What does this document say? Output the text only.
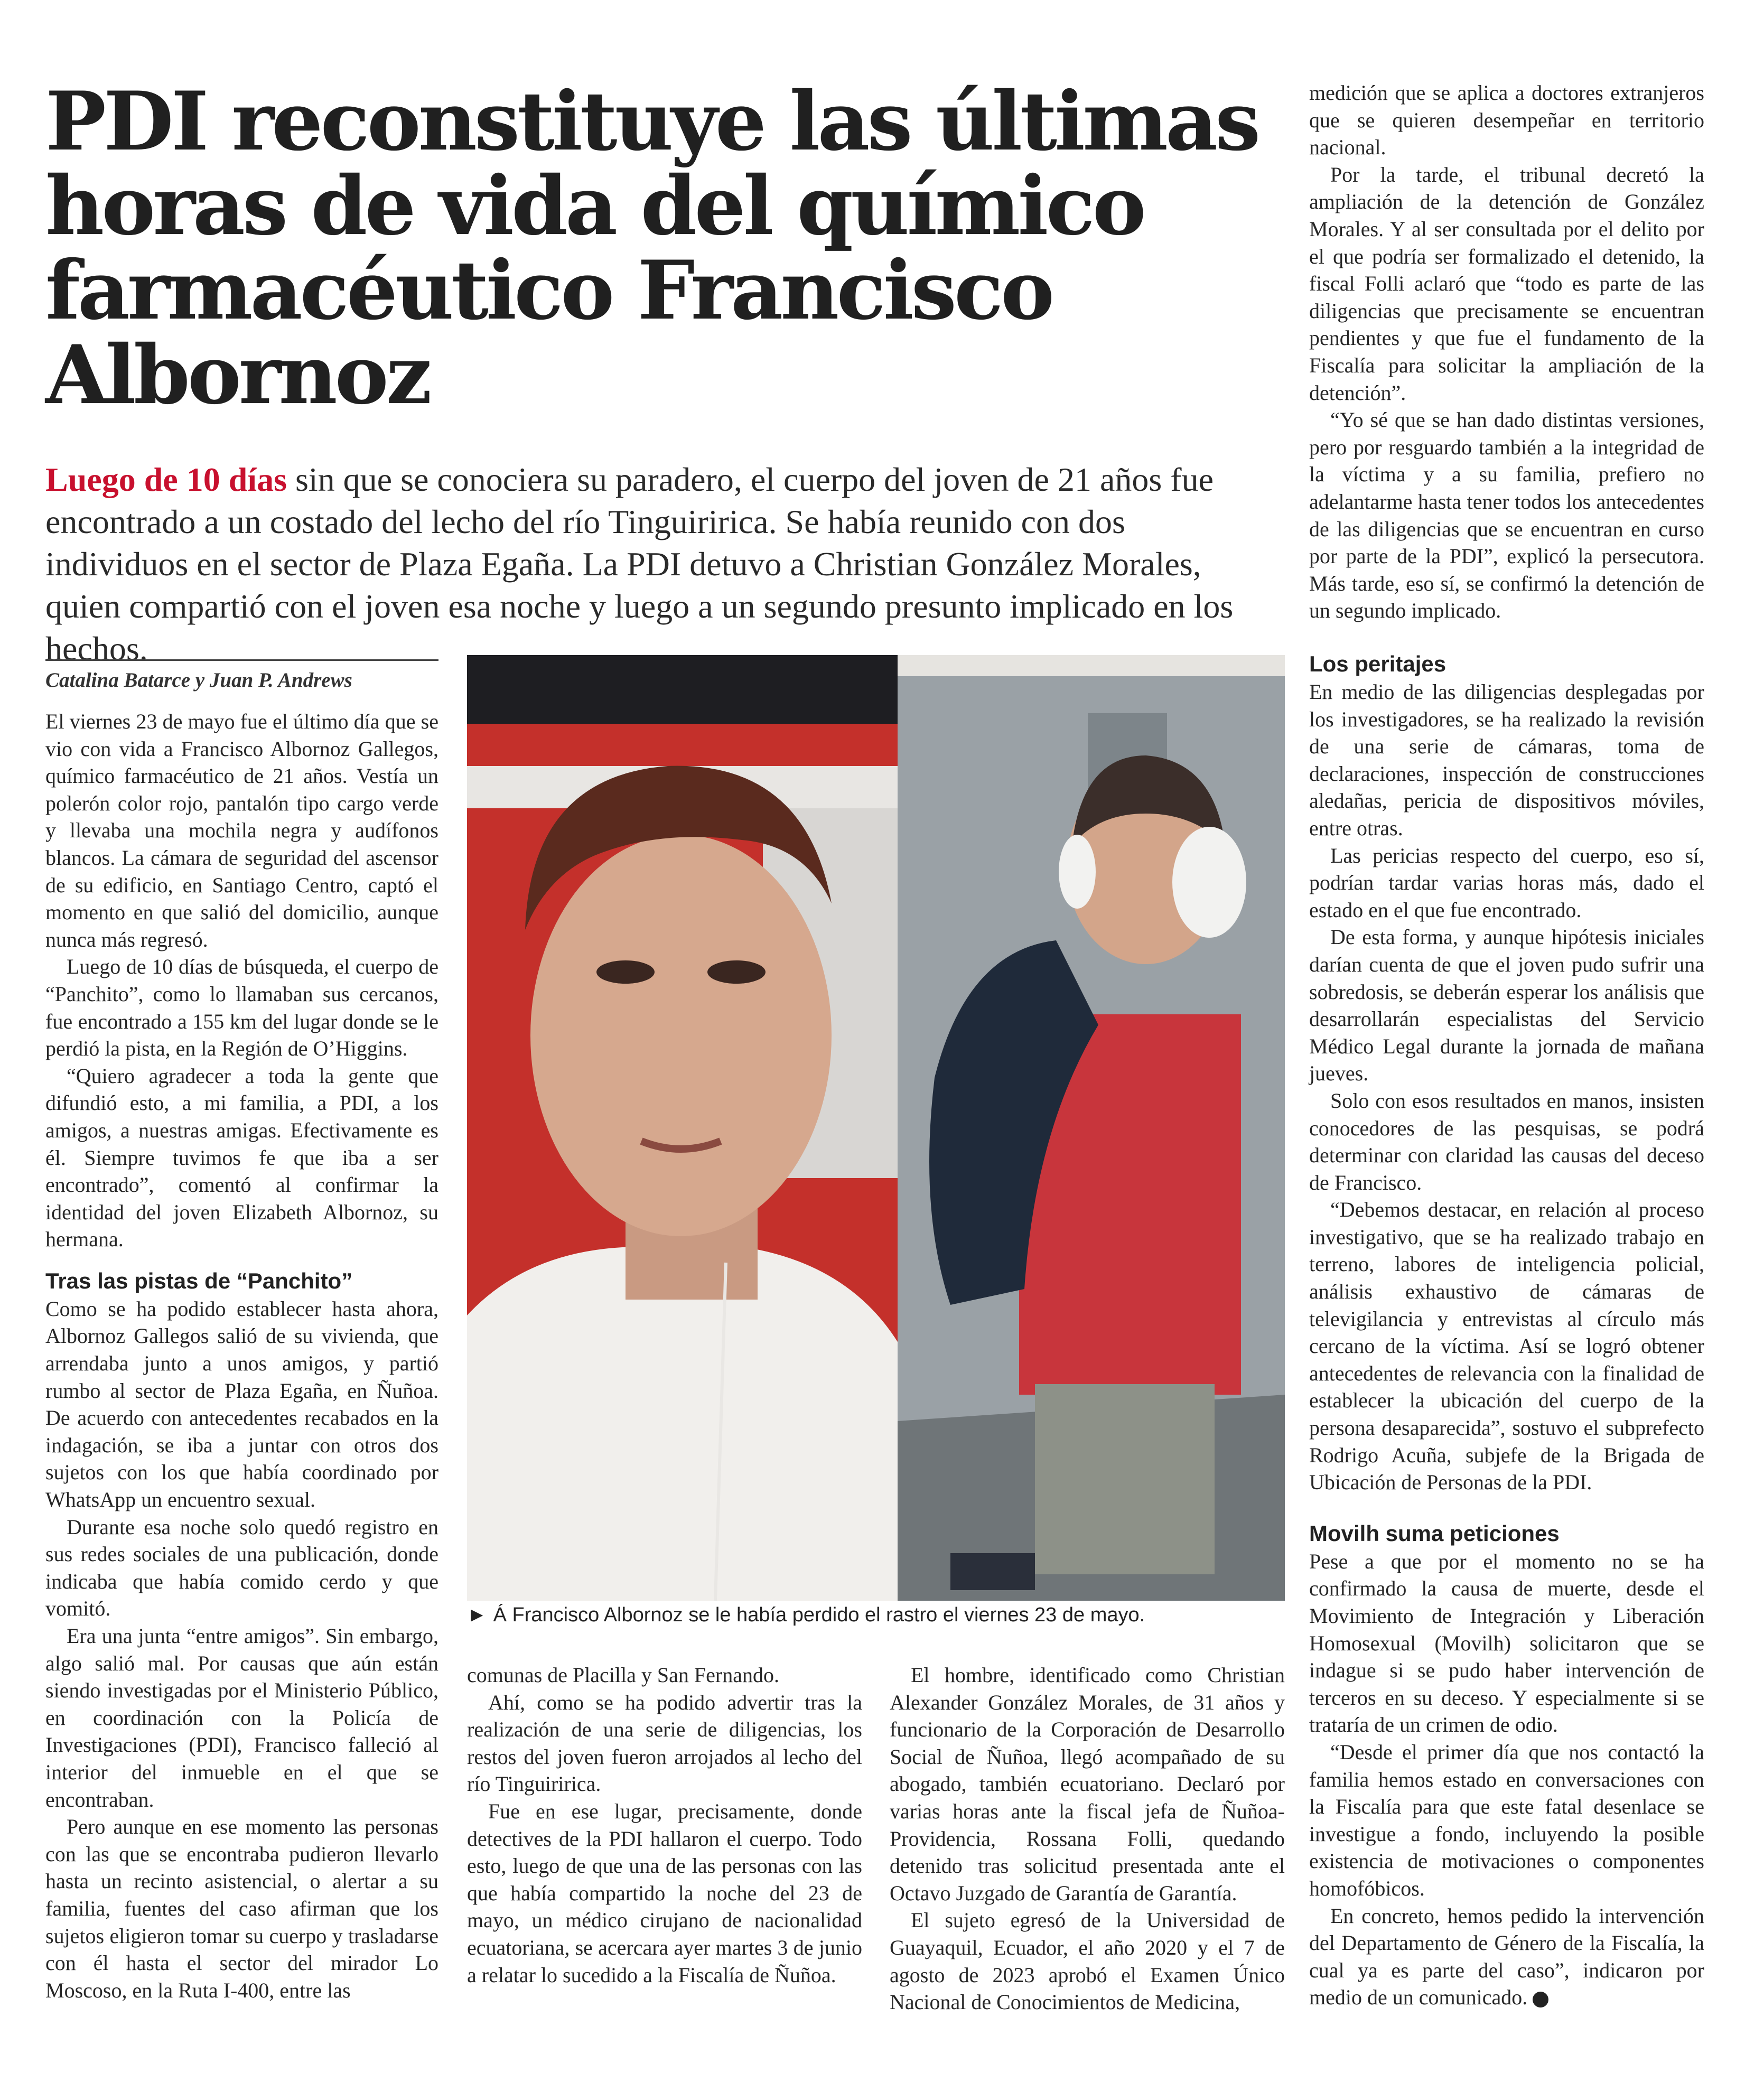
PDI reconstituye las últimas horas de vida del químico farmacéutico Francisco Albornoz

Luego de 10 días sin que se conociera su paradero, el cuerpo del joven de 21 años fue encontrado a un costado del lecho del río Tinguiririca. Se había reunido con dos individuos en el sector de Plaza Egaña. La PDI detuvo a Christian González Morales, quien compartió con el joven esa noche y luego a un segundo presunto implicado en los hechos.

Catalina Batarce y Juan P. Andrews

El viernes 23 de mayo fue el último día que se vio con vida a Francisco Albornoz Gallegos, químico farmacéutico de 21 años. Vestía un polerón color rojo, pantalón tipo cargo verde y llevaba una mochila negra y audífonos blancos. La cámara de seguridad del ascensor de su edificio, en Santiago Centro, captó el momento en que salió del domicilio, aunque nunca más regresó.

Luego de 10 días de búsqueda, el cuerpo de “Panchito”, como lo llamaban sus cercanos, fue encontrado a 155 km del lugar donde se le perdió la pista, en la Región de O’Higgins.

“Quiero agradecer a toda la gente que difundió esto, a mi familia, a PDI, a los amigos, a nuestras amigas. Efectivamente es él. Siempre tuvimos fe que iba a ser encontrado”, comentó al confirmar la identidad del joven Elizabeth Albornoz, su hermana.

Tras las pistas de “Panchito”

Como se ha podido establecer hasta ahora, Albornoz Gallegos salió de su vivienda, que arrendaba junto a unos amigos, y partió rumbo al sector de Plaza Egaña, en Ñuñoa. De acuerdo con antecedentes recabados en la indagación, se iba a juntar con otros dos sujetos con los que había coordinado por WhatsApp un encuentro sexual.

Durante esa noche solo quedó registro en sus redes sociales de una publicación, donde indicaba que había comido cerdo y que vomitó.

Era una junta “entre amigos”. Sin embargo, algo salió mal. Por causas que aún están siendo investigadas por el Ministerio Público, en coordinación con la Policía de Investigaciones (PDI), Francisco falleció al interior del inmueble en el que se encontraban.

Pero aunque en ese momento las personas con las que se encontraba pudieron llevarlo hasta un recinto asistencial, o alertar a su familia, fuentes del caso afirman que los sujetos eligieron tomar su cuerpo y trasladarse con él hasta el sector del mirador Lo Moscoso, en la Ruta I-400, entre las

► Á Francisco Albornoz se le había perdido el rastro el viernes 23 de mayo.

comunas de Placilla y San Fernando.

Ahí, como se ha podido advertir tras la realización de una serie de diligencias, los restos del joven fueron arrojados al lecho del río Tinguiririca.

Fue en ese lugar, precisamente, donde detectives de la PDI hallaron el cuerpo. Todo esto, luego de que una de las personas con las que había compartido la noche del 23 de mayo, un médico cirujano de nacionalidad ecuatoriana, se acercara ayer martes 3 de junio a relatar lo sucedido a la Fiscalía de Ñuñoa.

El hombre, identificado como Christian Alexander González Morales, de 31 años y funcionario de la Corporación de Desarrollo Social de Ñuñoa, llegó acompañado de su abogado, también ecuatoriano. Declaró por varias horas ante la fiscal jefa de Ñuñoa-Providencia, Rossana Folli, quedando detenido tras solicitud presentada ante el Octavo Juzgado de Garantía de Garantía.

El sujeto egresó de la Universidad de Guayaquil, Ecuador, el año 2020 y el 7 de agosto de 2023 aprobó el Examen Único Nacional de Conocimientos de Medicina,

medición que se aplica a doctores extranjeros que se quieren desempeñar en territorio nacional.

Por la tarde, el tribunal decretó la ampliación de la detención de González Morales. Y al ser consultada por el delito por el que podría ser formalizado el detenido, la fiscal Folli aclaró que “todo es parte de las diligencias que precisamente se encuentran pendientes y que fue el fundamento de la Fiscalía para solicitar la ampliación de la detención”.

“Yo sé que se han dado distintas versiones, pero por resguardo también a la integridad de la víctima y a su familia, prefiero no adelantarme hasta tener todos los antecedentes de las diligencias que se encuentran en curso por parte de la PDI”, explicó la persecutora. Más tarde, eso sí, se confirmó la detención de un segundo implicado.

Los peritajes

En medio de las diligencias desplegadas por los investigadores, se ha realizado la revisión de una serie de cámaras, toma de declaraciones, inspección de construcciones aledañas, pericia de dispositivos móviles, entre otras.

Las pericias respecto del cuerpo, eso sí, podrían tardar varias horas más, dado el estado en el que fue encontrado.

De esta forma, y aunque hipótesis iniciales darían cuenta de que el joven pudo sufrir una sobredosis, se deberán esperar los análisis que desarrollarán especialistas del Servicio Médico Legal durante la jornada de mañana jueves.

Solo con esos resultados en manos, insisten conocedores de las pesquisas, se podrá determinar con claridad las causas del deceso de Francisco.

“Debemos destacar, en relación al proceso investigativo, que se ha realizado trabajo en terreno, labores de inteligencia policial, análisis exhaustivo de cámaras de televigilancia y entrevistas al círculo más cercano de la víctima. Así se logró obtener antecedentes de relevancia con la finalidad de establecer la ubicación del cuerpo de la persona desaparecida”, sostuvo el subprefecto Rodrigo Acuña, subjefe de la Brigada de Ubicación de Personas de la PDI.

Movilh suma peticiones

Pese a que por el momento no se ha confirmado la causa de muerte, desde el Movimiento de Integración y Liberación Homosexual (Movilh) solicitaron que se indague si se pudo haber intervención de terceros en su deceso. Y especialmente si se trataría de un crimen de odio.

“Desde el primer día que nos contactó la familia hemos estado en conversaciones con la Fiscalía para que este fatal desenlace se investigue a fondo, incluyendo la posible existencia de motivaciones o componentes homofóbicos.

En concreto, hemos pedido la intervención del Departamento de Género de la Fiscalía, la cual ya es parte del caso”, indicaron por medio de un comunicado.
